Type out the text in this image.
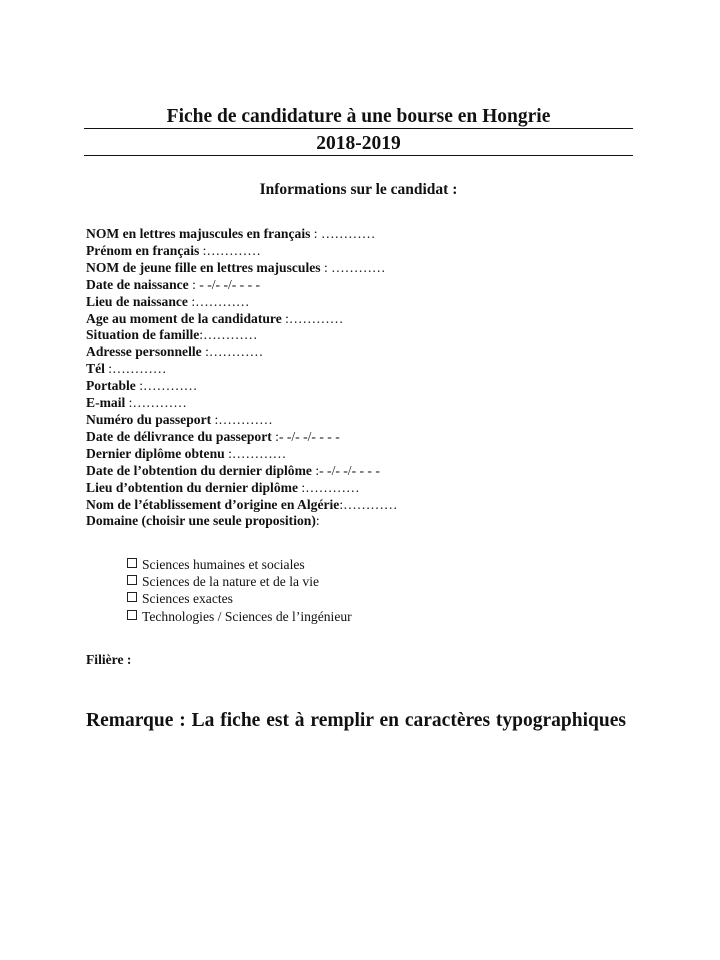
Fiche de candidature à une bourse en Hongrie
2018-2019
Informations sur le candidat :
NOM en lettres majuscules en français : …………
Prénom en français :…………
NOM de jeune fille en lettres majuscules : …………
Date de naissance : - -/- -/- - - -
Lieu de naissance :…………
Age au moment de la candidature :…………
Situation de famille:…………
Adresse personnelle :…………
Tél :…………
Portable :…………
E-mail :…………
Numéro du passeport :…………
Date de délivrance du passeport :- -/- -/- - - -
Dernier diplôme obtenu :…………
Date de l’obtention du dernier diplôme :- -/- -/- - - -
Lieu d’obtention du dernier diplôme :…………
Nom de l’établissement d’origine en Algérie:…………
Domaine (choisir une seule proposition):
Sciences humaines et sociales
Sciences de la nature et de la vie
Sciences exactes
Technologies / Sciences de l’ingénieur
Filière :
Remarque : La fiche est à remplir en caractères typographiques
